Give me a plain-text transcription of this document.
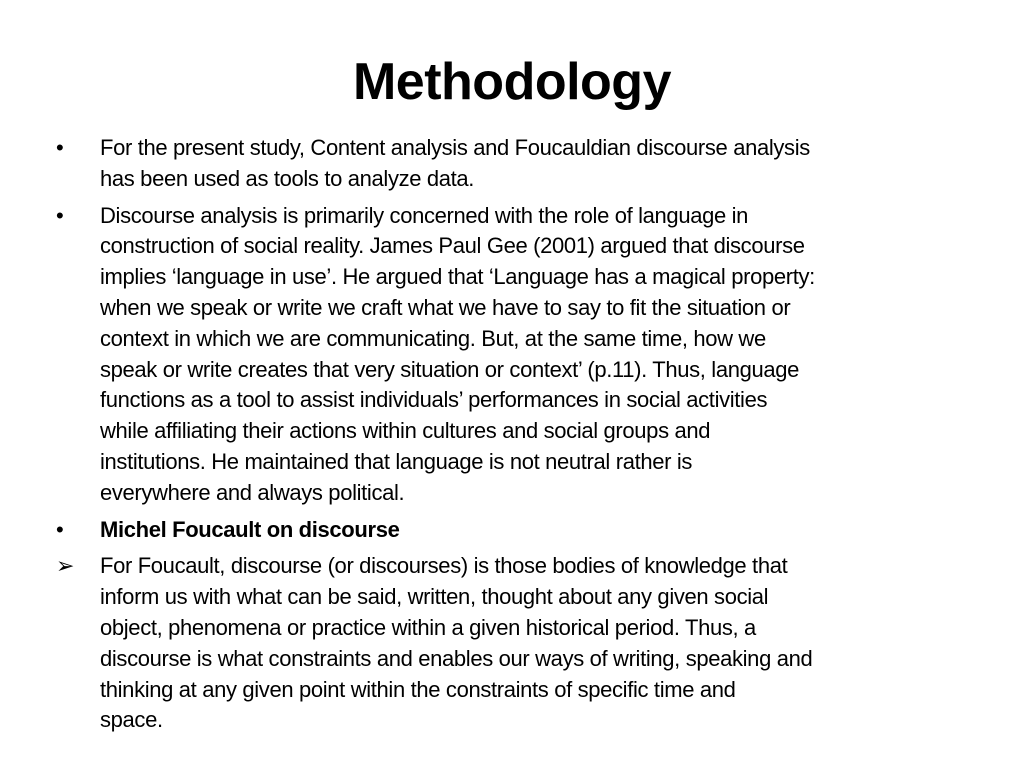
Methodology
•	For the present study, Content analysis and Foucauldian discourse analysis
has been used as tools to analyze data.
•	Discourse analysis is primarily concerned with the role of language in
construction of social reality. James Paul Gee (2001) argued that discourse
implies ‘language in use’. He argued that ‘Language has a magical property:
when we speak or write we craft what we have to say to fit the situation or
context in which we are communicating. But, at the same time, how we
speak or write creates that very situation or context’ (p.11). Thus, language
functions as a tool to assist individuals’ performances in social activities
while affiliating their actions within cultures and social groups and
institutions. He maintained that language is not neutral rather is
everywhere and always political.
•	Michel Foucault on discourse
➢	For Foucault, discourse (or discourses) is those bodies of knowledge that
inform us with what can be said, written, thought about any given social
object, phenomena or practice within a given historical period. Thus, a
discourse is what constraints and enables our ways of writing, speaking and
thinking at any given point within the constraints of specific time and
space.
